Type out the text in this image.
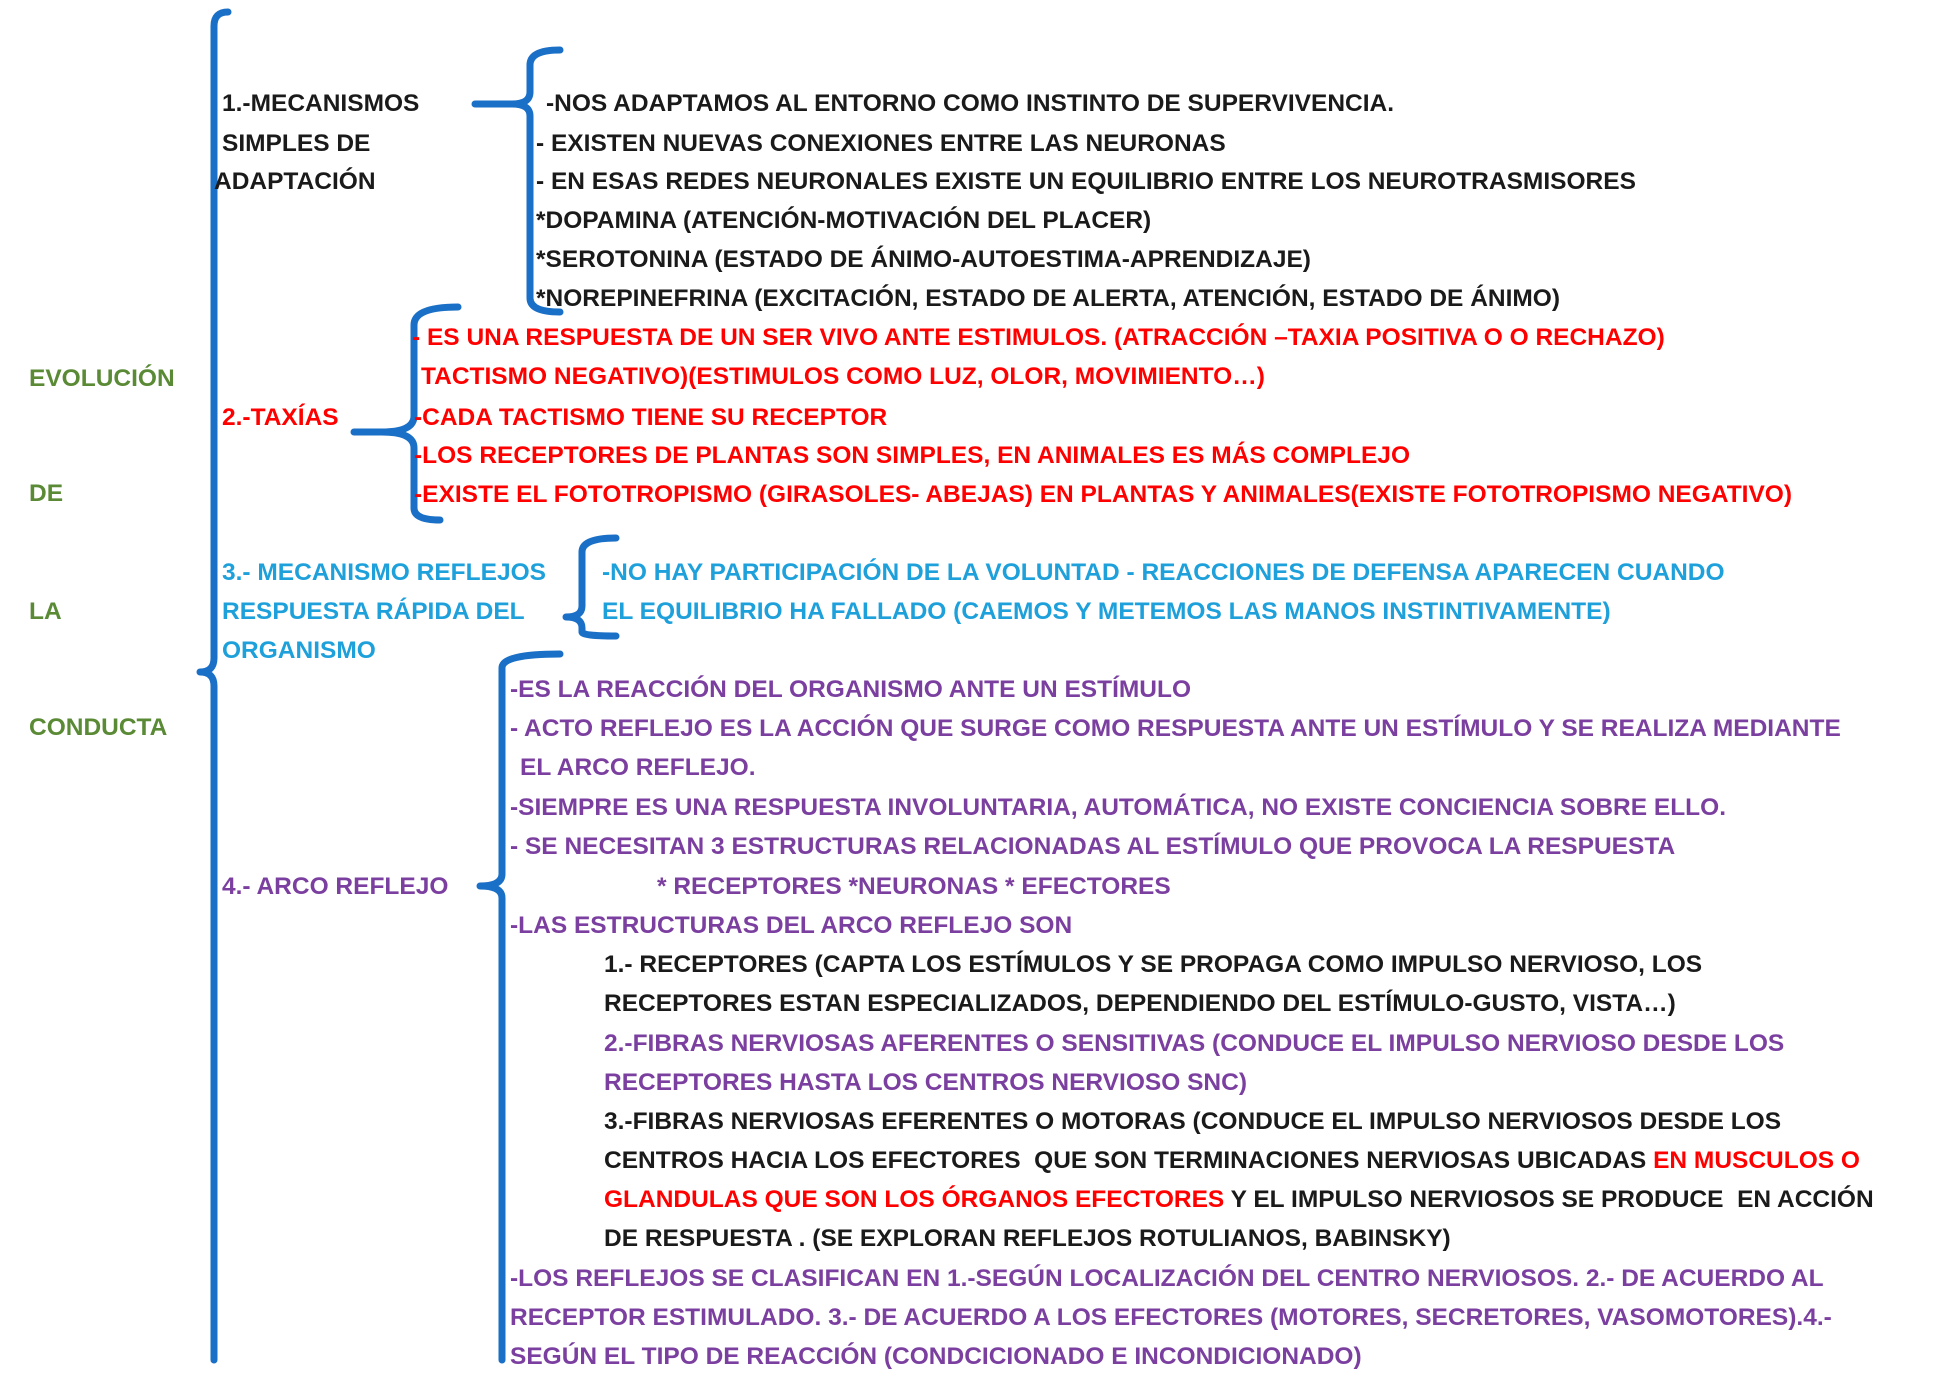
EVOLUCIÓN
DE
LA
CONDUCTA
1.-MECANISMOS
SIMPLES DE
ADAPTACIÓN
-NOS ADAPTAMOS AL ENTORNO COMO INSTINTO DE SUPERVIVENCIA.
- EXISTEN NUEVAS CONEXIONES ENTRE LAS NEURONAS
- EN ESAS REDES NEURONALES EXISTE UN EQUILIBRIO ENTRE LOS NEUROTRASMISORES
*DOPAMINA (ATENCIÓN-MOTIVACIÓN DEL PLACER)
*SEROTONINA (ESTADO DE ÁNIMO-AUTOESTIMA-APRENDIZAJE)
*NOREPINEFRINA (EXCITACIÓN, ESTADO DE ALERTA, ATENCIÓN, ESTADO DE ÁNIMO)
2.-TAXÍAS
- ES UNA RESPUESTA DE UN SER VIVO ANTE ESTIMULOS. (ATRACCIÓN –TAXIA POSITIVA O O RECHAZO)
TACTISMO NEGATIVO)(ESTIMULOS COMO LUZ, OLOR, MOVIMIENTO…)
-CADA TACTISMO TIENE SU RECEPTOR
-LOS RECEPTORES DE PLANTAS SON SIMPLES, EN ANIMALES ES MÁS COMPLEJO
-EXISTE EL FOTOTROPISMO (GIRASOLES- ABEJAS) EN PLANTAS Y ANIMALES(EXISTE FOTOTROPISMO NEGATIVO)
3.- MECANISMO REFLEJOS
RESPUESTA RÁPIDA DEL
ORGANISMO
-NO HAY PARTICIPACIÓN DE LA VOLUNTAD - REACCIONES DE DEFENSA APARECEN CUANDO
EL EQUILIBRIO HA FALLADO (CAEMOS Y METEMOS LAS MANOS INSTINTIVAMENTE)
4.- ARCO REFLEJO
-ES LA REACCIÓN DEL ORGANISMO ANTE UN ESTÍMULO
- ACTO REFLEJO ES LA ACCIÓN QUE SURGE COMO RESPUESTA ANTE UN ESTÍMULO Y SE REALIZA MEDIANTE
EL ARCO REFLEJO.
-SIEMPRE ES UNA RESPUESTA INVOLUNTARIA, AUTOMÁTICA, NO EXISTE CONCIENCIA SOBRE ELLO.
- SE NECESITAN 3 ESTRUCTURAS RELACIONADAS AL ESTÍMULO QUE PROVOCA LA RESPUESTA
* RECEPTORES *NEURONAS * EFECTORES
-LAS ESTRUCTURAS DEL ARCO REFLEJO SON
1.- RECEPTORES (CAPTA LOS ESTÍMULOS Y SE PROPAGA COMO IMPULSO NERVIOSO, LOS
RECEPTORES ESTAN ESPECIALIZADOS, DEPENDIENDO DEL ESTÍMULO-GUSTO, VISTA…)
2.-FIBRAS NERVIOSAS AFERENTES O SENSITIVAS (CONDUCE EL IMPULSO NERVIOSO DESDE LOS
RECEPTORES HASTA LOS CENTROS NERVIOSO SNC)
3.-FIBRAS NERVIOSAS EFERENTES O MOTORAS (CONDUCE EL IMPULSO NERVIOSOS DESDE LOS
CENTROS HACIA LOS EFECTORES  QUE SON TERMINACIONES NERVIOSAS UBICADAS EN MUSCULOS O
GLANDULAS QUE SON LOS ÓRGANOS EFECTORES Y EL IMPULSO NERVIOSOS SE PRODUCE  EN ACCIÓN
DE RESPUESTA . (SE EXPLORAN REFLEJOS ROTULIANOS, BABINSKY)
-LOS REFLEJOS SE CLASIFICAN EN 1.-SEGÚN LOCALIZACIÓN DEL CENTRO NERVIOSOS. 2.- DE ACUERDO AL
RECEPTOR ESTIMULADO. 3.- DE ACUERDO A LOS EFECTORES (MOTORES, SECRETORES, VASOMOTORES).4.-
SEGÚN EL TIPO DE REACCIÓN (CONDCICIONADO E INCONDICIONADO)
